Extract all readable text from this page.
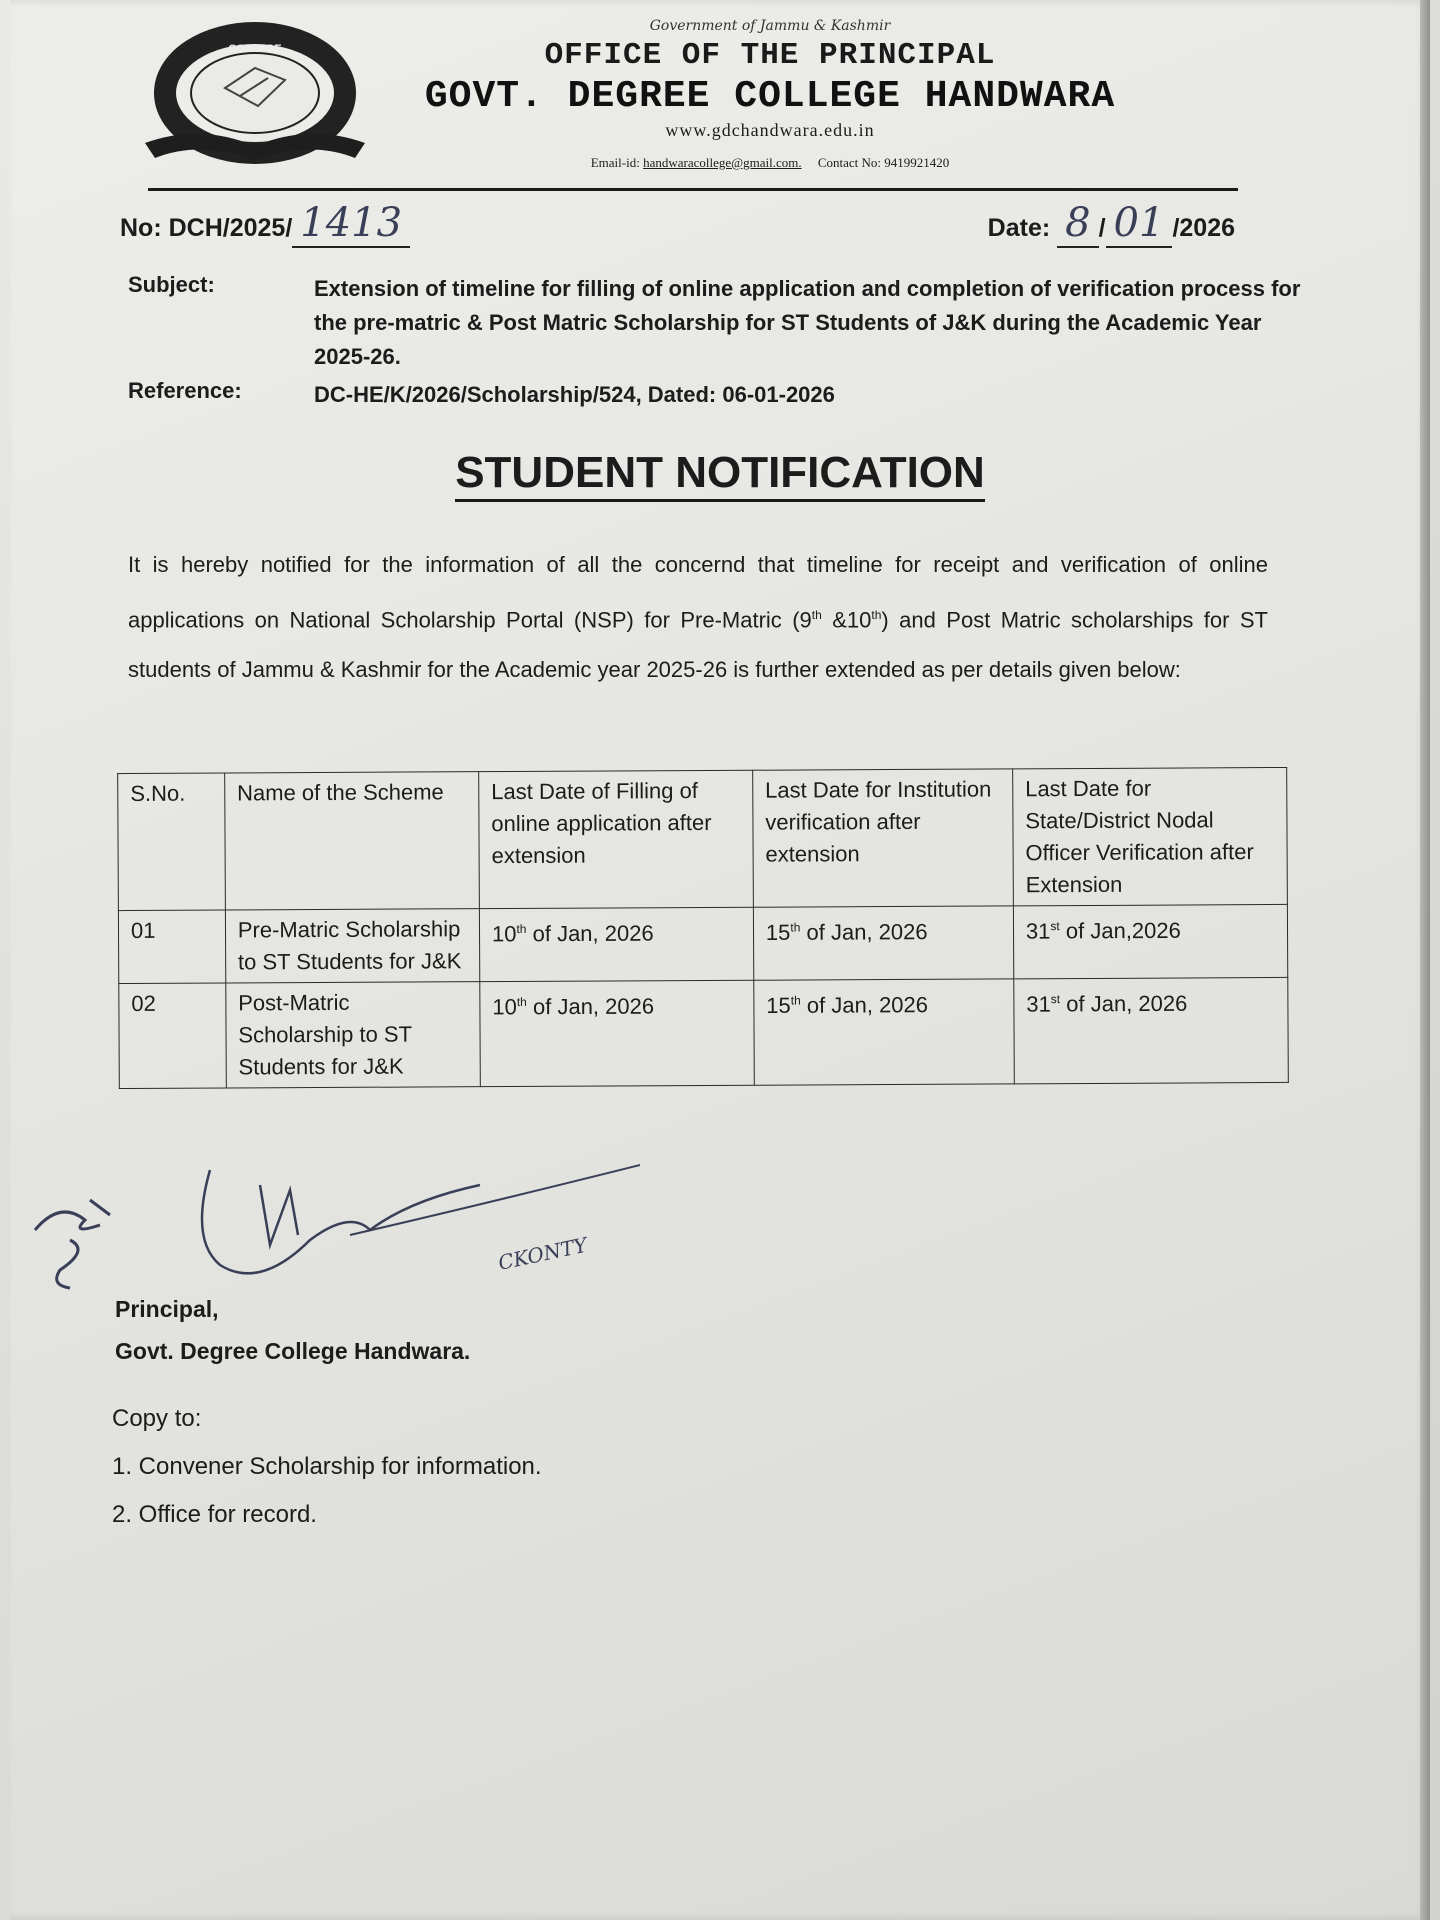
COLLEGE
Government of Jammu & Kashmir
OFFICE OF THE PRINCIPAL
GOVT. DEGREE COLLEGE HANDWARA
www.gdchandwara.edu.in
Email-id: handwaracollege@gmail.com. Contact No: 9419921420
No: DCH/2025/ 1413	Date: 8 / 01 /2026
Subject:	Extension of timeline for filling of online application and completion of verification process for the pre-matric & Post Matric Scholarship for ST Students of J&K during the Academic Year 2025-26.
Reference:	DC-HE/K/2026/Scholarship/524, Dated: 06-01-2026
STUDENT NOTIFICATION
It is hereby notified for the information of all the concernd that timeline for receipt and verification of online applications on National Scholarship Portal (NSP) for Pre-Matric (9th &10th) and Post Matric scholarships for ST students of Jammu & Kashmir for the Academic year 2025-26 is further extended as per details given below:
S.No.	Name of the Scheme	Last Date of Filling of online application after extension	Last Date for Institution verification after extension	Last Date for State/District Nodal Officer Verification after Extension
01	Pre-Matric Scholarship to ST Students for J&K	10th of Jan, 2026	15th of Jan, 2026	31st of Jan,2026
02	Post-Matric Scholarship to ST Students for J&K	10th of Jan, 2026	15th of Jan, 2026	31st of Jan, 2026
CKONTY
Principal,
Govt. Degree College Handwara.
Copy to:
1. Convener Scholarship for information.
2. Office for record.
